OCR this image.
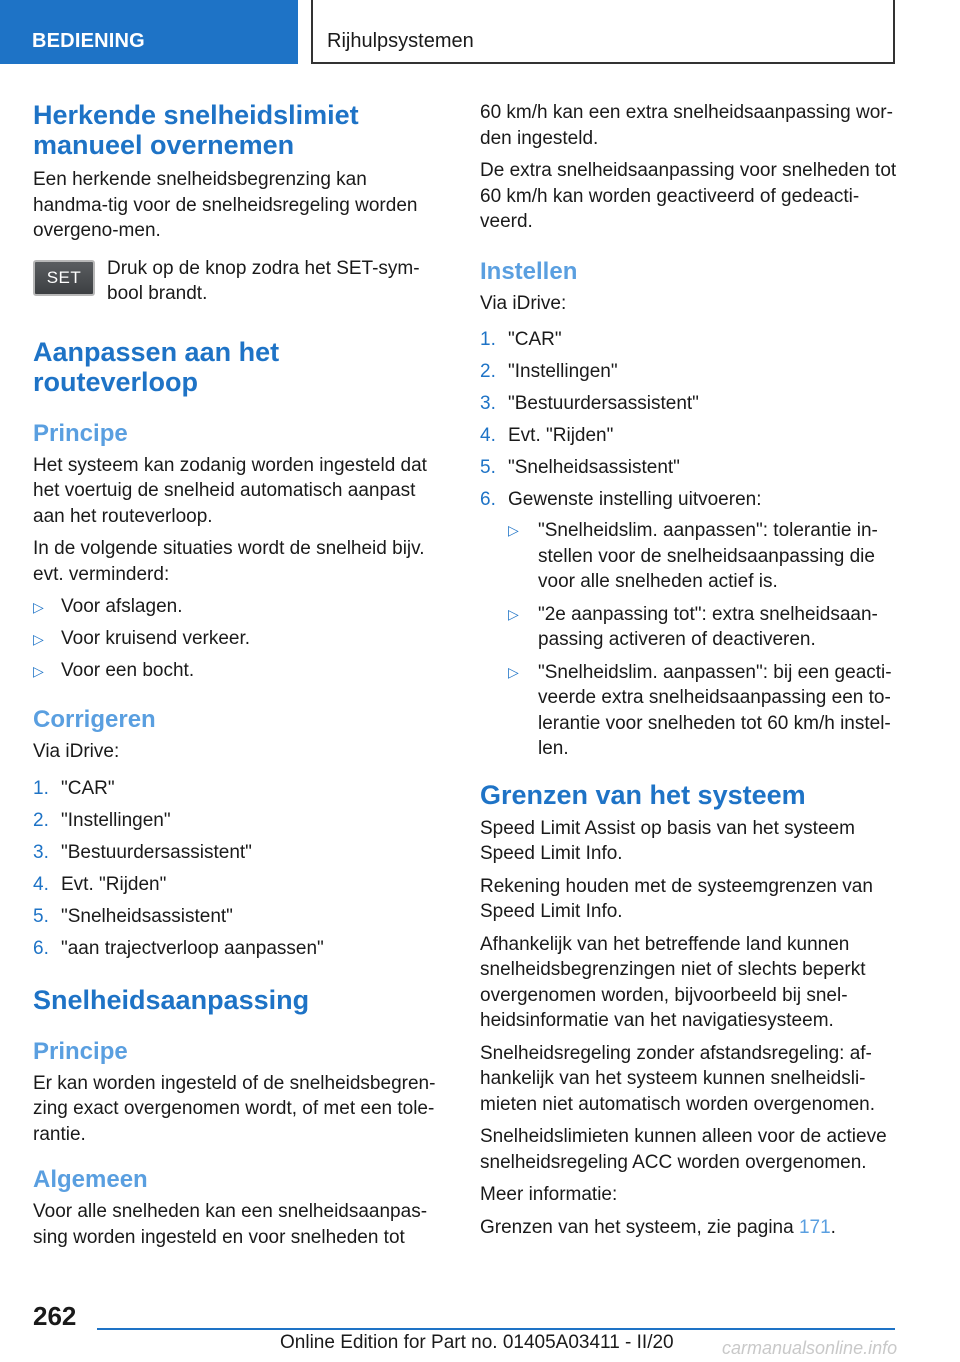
BEDIENING	Rijhulpsystemen
Herkende snelheidslimiet manueel overnemen

Een herkende snelheidsbegrenzing kan handma-tig voor de snelheidsregeling worden overgeno-men.

SET	Druk op de knop zodra het SET-sym-bool brandt.

Aanpassen aan het routeverloop
Principe

Het systeem kan zodanig worden ingesteld dat het voertuig de snelheid automatisch aanpast aan het routeverloop.

In de volgende situaties wordt de snelheid bijv. evt. verminderd:

▷ Voor afslagen.
▷ Voor kruisend verkeer.
▷ Voor een bocht.
Corrigeren

Via iDrive:

1. "CAR"
2. "Instellingen"
3. "Bestuurdersassistent"
4. Evt. "Rijden"
5. "Snelheidsassistent"
6. "aan trajectverloop aanpassen"
Snelheidsaanpassing
Principe

Er kan worden ingesteld of de snelheidsbegren-zing exact overgenomen wordt, of met een tole-rantie.

Algemeen

Voor alle snelheden kan een snelheidsaanpas-sing worden ingesteld en voor snelheden tot

60 km/h kan een extra snelheidsaanpassing wor-den ingesteld.

De extra snelheidsaanpassing voor snelheden tot 60 km/h kan worden geactiveerd of gedeacti-veerd.

Instellen

Via iDrive:

1. "CAR"
2. "Instellingen"
3. "Bestuurdersassistent"
4. Evt. "Rijden"
5. "Snelheidsassistent"
6. Gewenste instelling uitvoeren:
▷ "Snelheidslim. aanpassen": tolerantie in-stellen voor de snelheidsaanpassing die voor alle snelheden actief is.
▷ "2e aanpassing tot": extra snelheidsaan-passing activeren of deactiveren.
▷ "Snelheidslim. aanpassen": bij een geacti-veerde extra snelheidsaanpassing een to-lerantie voor snelheden tot 60 km/h instel-len.
Grenzen van het systeem

Speed Limit Assist op basis van het systeem Speed Limit Info.

Rekening houden met de systeemgrenzen van Speed Limit Info.

Afhankelijk van het betreffende land kunnen snelheidsbegrenzingen niet of slechts beperkt overgenomen worden, bijvoorbeeld bij snel-heidsinformatie van het navigatiesysteem.

Snelheidsregeling zonder afstandsregeling: af-hankelijk van het systeem kunnen snelheidsli-mieten niet automatisch worden overgenomen.

Snelheidslimieten kunnen alleen voor de actieve snelheidsregeling ACC worden overgenomen.

Meer informatie:

Grenzen van het systeem, zie pagina 171.

262
Online Edition for Part no. 01405A03411 - II/20	carmanualsonline.info
